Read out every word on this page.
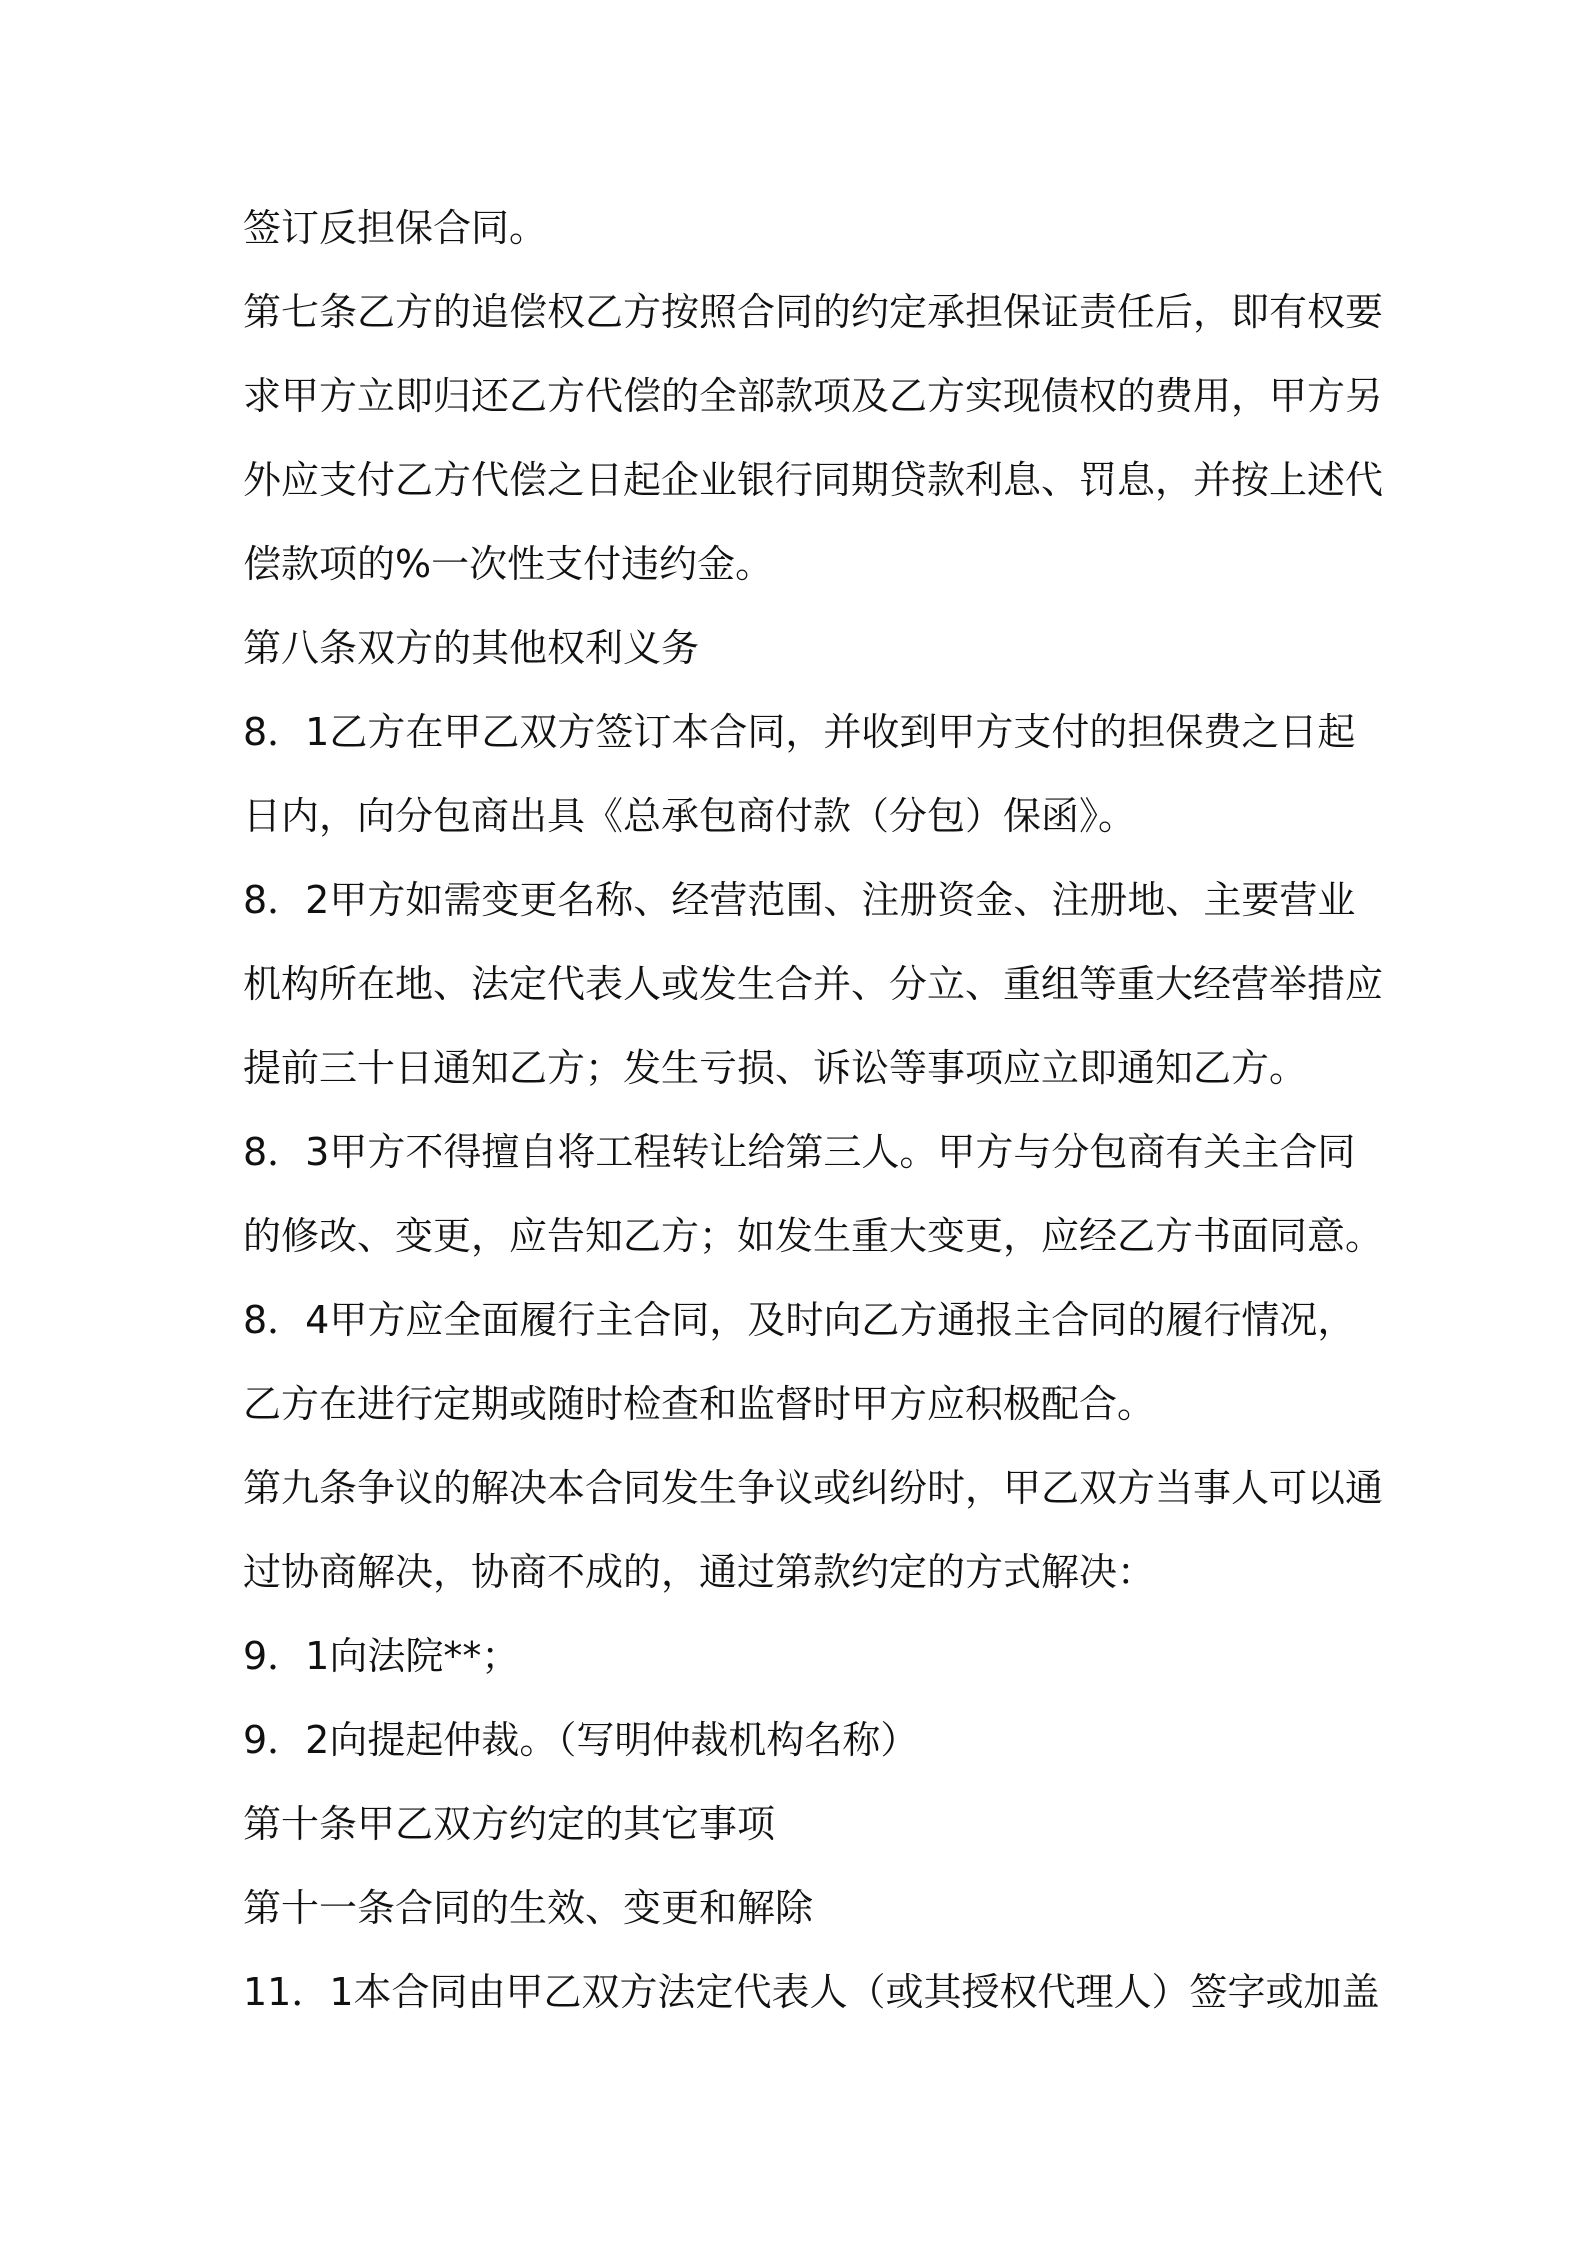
签订反担保合同。
第七条乙方的追偿权乙方按照合同的约定承担保证责任后，即有权要
求甲方立即归还乙方代偿的全部款项及乙方实现债权的费用，甲方另
外应支付乙方代偿之日起企业银行同期贷款利息、罚息，并按上述代
偿款项的%一次性支付违约金。
第八条双方的其他权利义务
8．1乙方在甲乙双方签订本合同，并收到甲方支付的担保费之日起
日内，向分包商出具《总承包商付款（分包）保函》。
8．2甲方如需变更名称、经营范围、注册资金、注册地、主要营业
机构所在地、法定代表人或发生合并、分立、重组等重大经营举措应
提前三十日通知乙方；发生亏损、诉讼等事项应立即通知乙方。
8．3甲方不得擅自将工程转让给第三人。甲方与分包商有关主合同
的修改、变更，应告知乙方；如发生重大变更，应经乙方书面同意。
8．4甲方应全面履行主合同，及时向乙方通报主合同的履行情况，
乙方在进行定期或随时检查和监督时甲方应积极配合。
第九条争议的解决本合同发生争议或纠纷时，甲乙双方当事人可以通
过协商解决，协商不成的，通过第款约定的方式解决：
9．1向法院**；
9．2向提起仲裁。（写明仲裁机构名称）
第十条甲乙双方约定的其它事项
第十一条合同的生效、变更和解除
11．1本合同由甲乙双方法定代表人（或其授权代理人）签字或加盖
